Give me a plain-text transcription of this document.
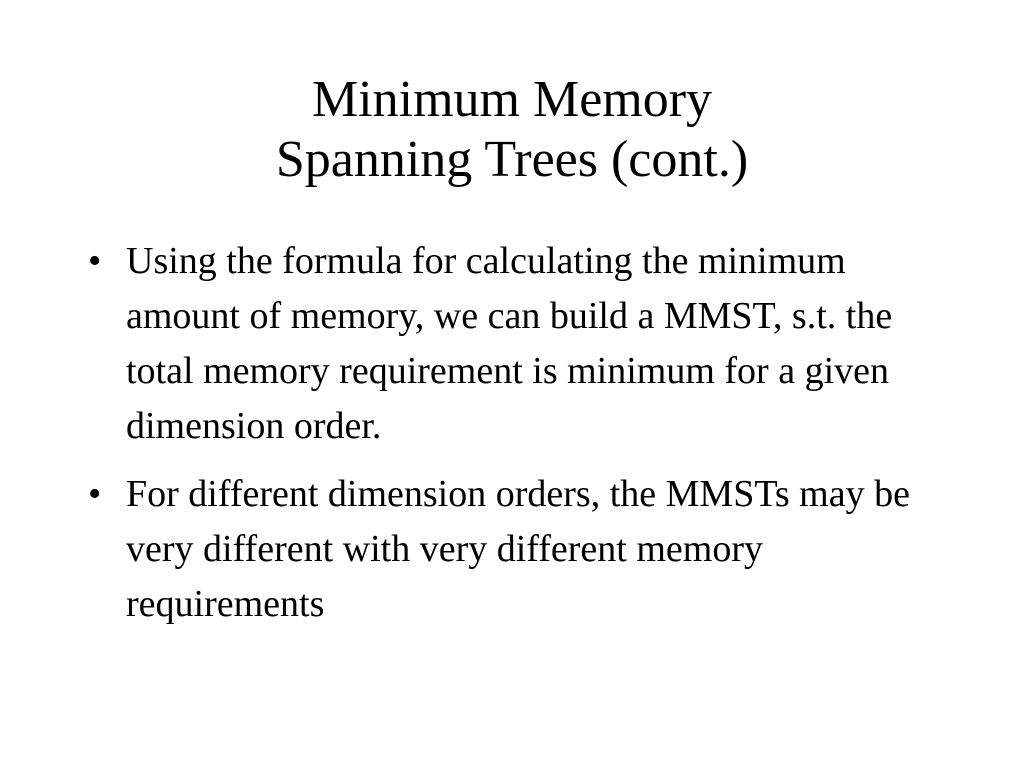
Minimum Memory
Spanning Trees (cont.)
• Using the formula for calculating the minimum amount of memory, we can build a MMST, s.t. the total memory requirement is minimum for a given dimension order.
• For different dimension orders, the MMSTs may be very different with very different memory requirements
